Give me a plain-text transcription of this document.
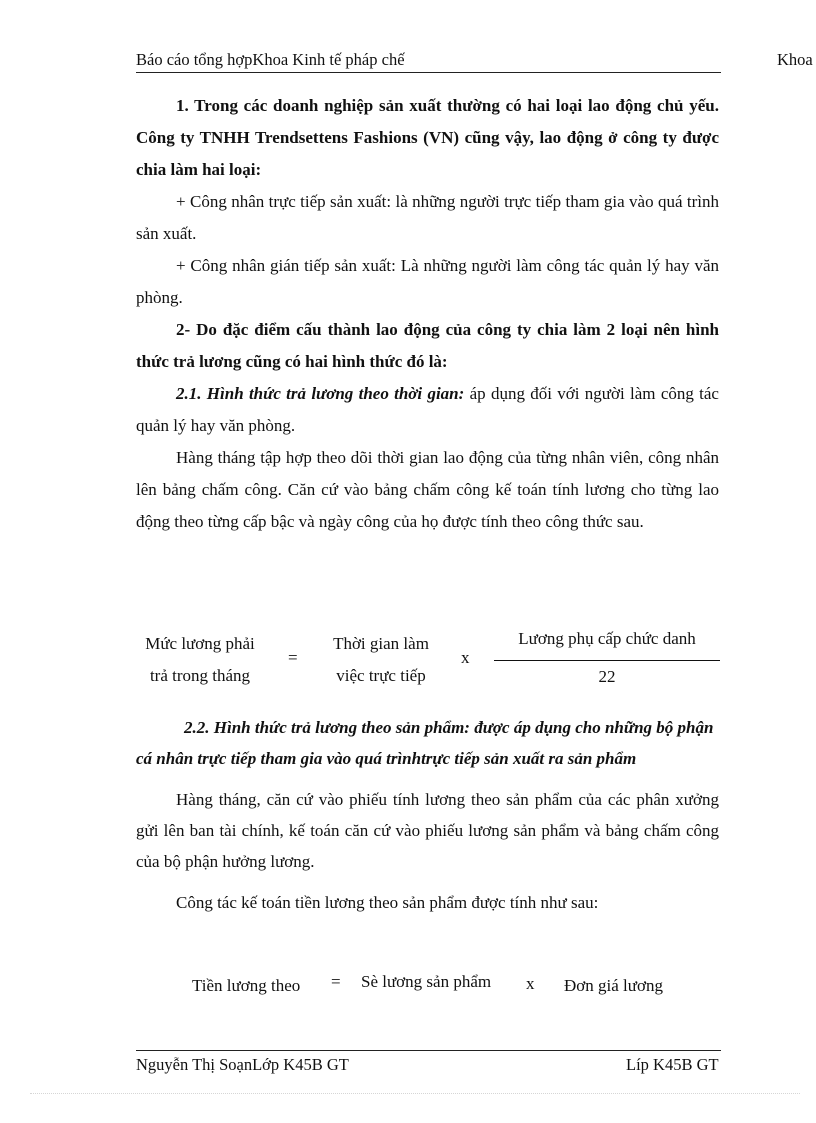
Báo cáo tổng hợpKhoa Kinh tế pháp chế	Khoa

1. Trong các doanh nghiệp sản xuất thường có hai loại lao động chủ yếu. Công ty TNHH Trendsettens Fashions (VN) cũng vậy, lao động ở công ty được chia làm hai loại:

+ Công nhân trực tiếp sản xuất: là những người trực tiếp tham gia vào quá trình sản xuất.

+ Công nhân gián tiếp sản xuất: Là những người làm công tác quản lý hay văn phòng.

2- Do đặc điểm cấu thành lao động của công ty chia làm 2 loại nên hình thức trả lương cũng có hai hình thức đó là:

2.1. Hình thức trả lương theo thời gian: áp dụng đối với người làm công tác quản lý hay văn phòng.

Hàng tháng tập hợp theo dõi thời gian lao động của từng nhân viên, công nhân lên bảng chấm công. Căn cứ vào bảng chấm công kế toán tính lương cho từng lao động theo từng cấp bậc và ngày công của họ được tính theo công thức sau.

Mức lương phải
trả trong tháng
=
Thời gian làm
việc trực tiếp
x
Lương phụ cấp chức danh
22

2.2. Hình thức trả lương theo sản phẩm: được áp dụng cho những bộ phận cá nhân trực tiếp tham gia vào quá trìnhtrực tiếp sản xuất ra sản phẩm

Hàng tháng, căn cứ vào phiếu tính lương theo sản phẩm của các phân xưởng gửi lên ban tài chính, kế toán căn cứ vào phiếu lương sản phẩm và bảng chấm công của bộ phận hưởng lương.

Công tác kế toán tiền lương theo sản phẩm được tính như sau:

Tiền lương theo = Sè lương sản phẩm x Đơn giá lương
Nguyễn Thị SoạnLớp K45B GT	Líp K45B GT
